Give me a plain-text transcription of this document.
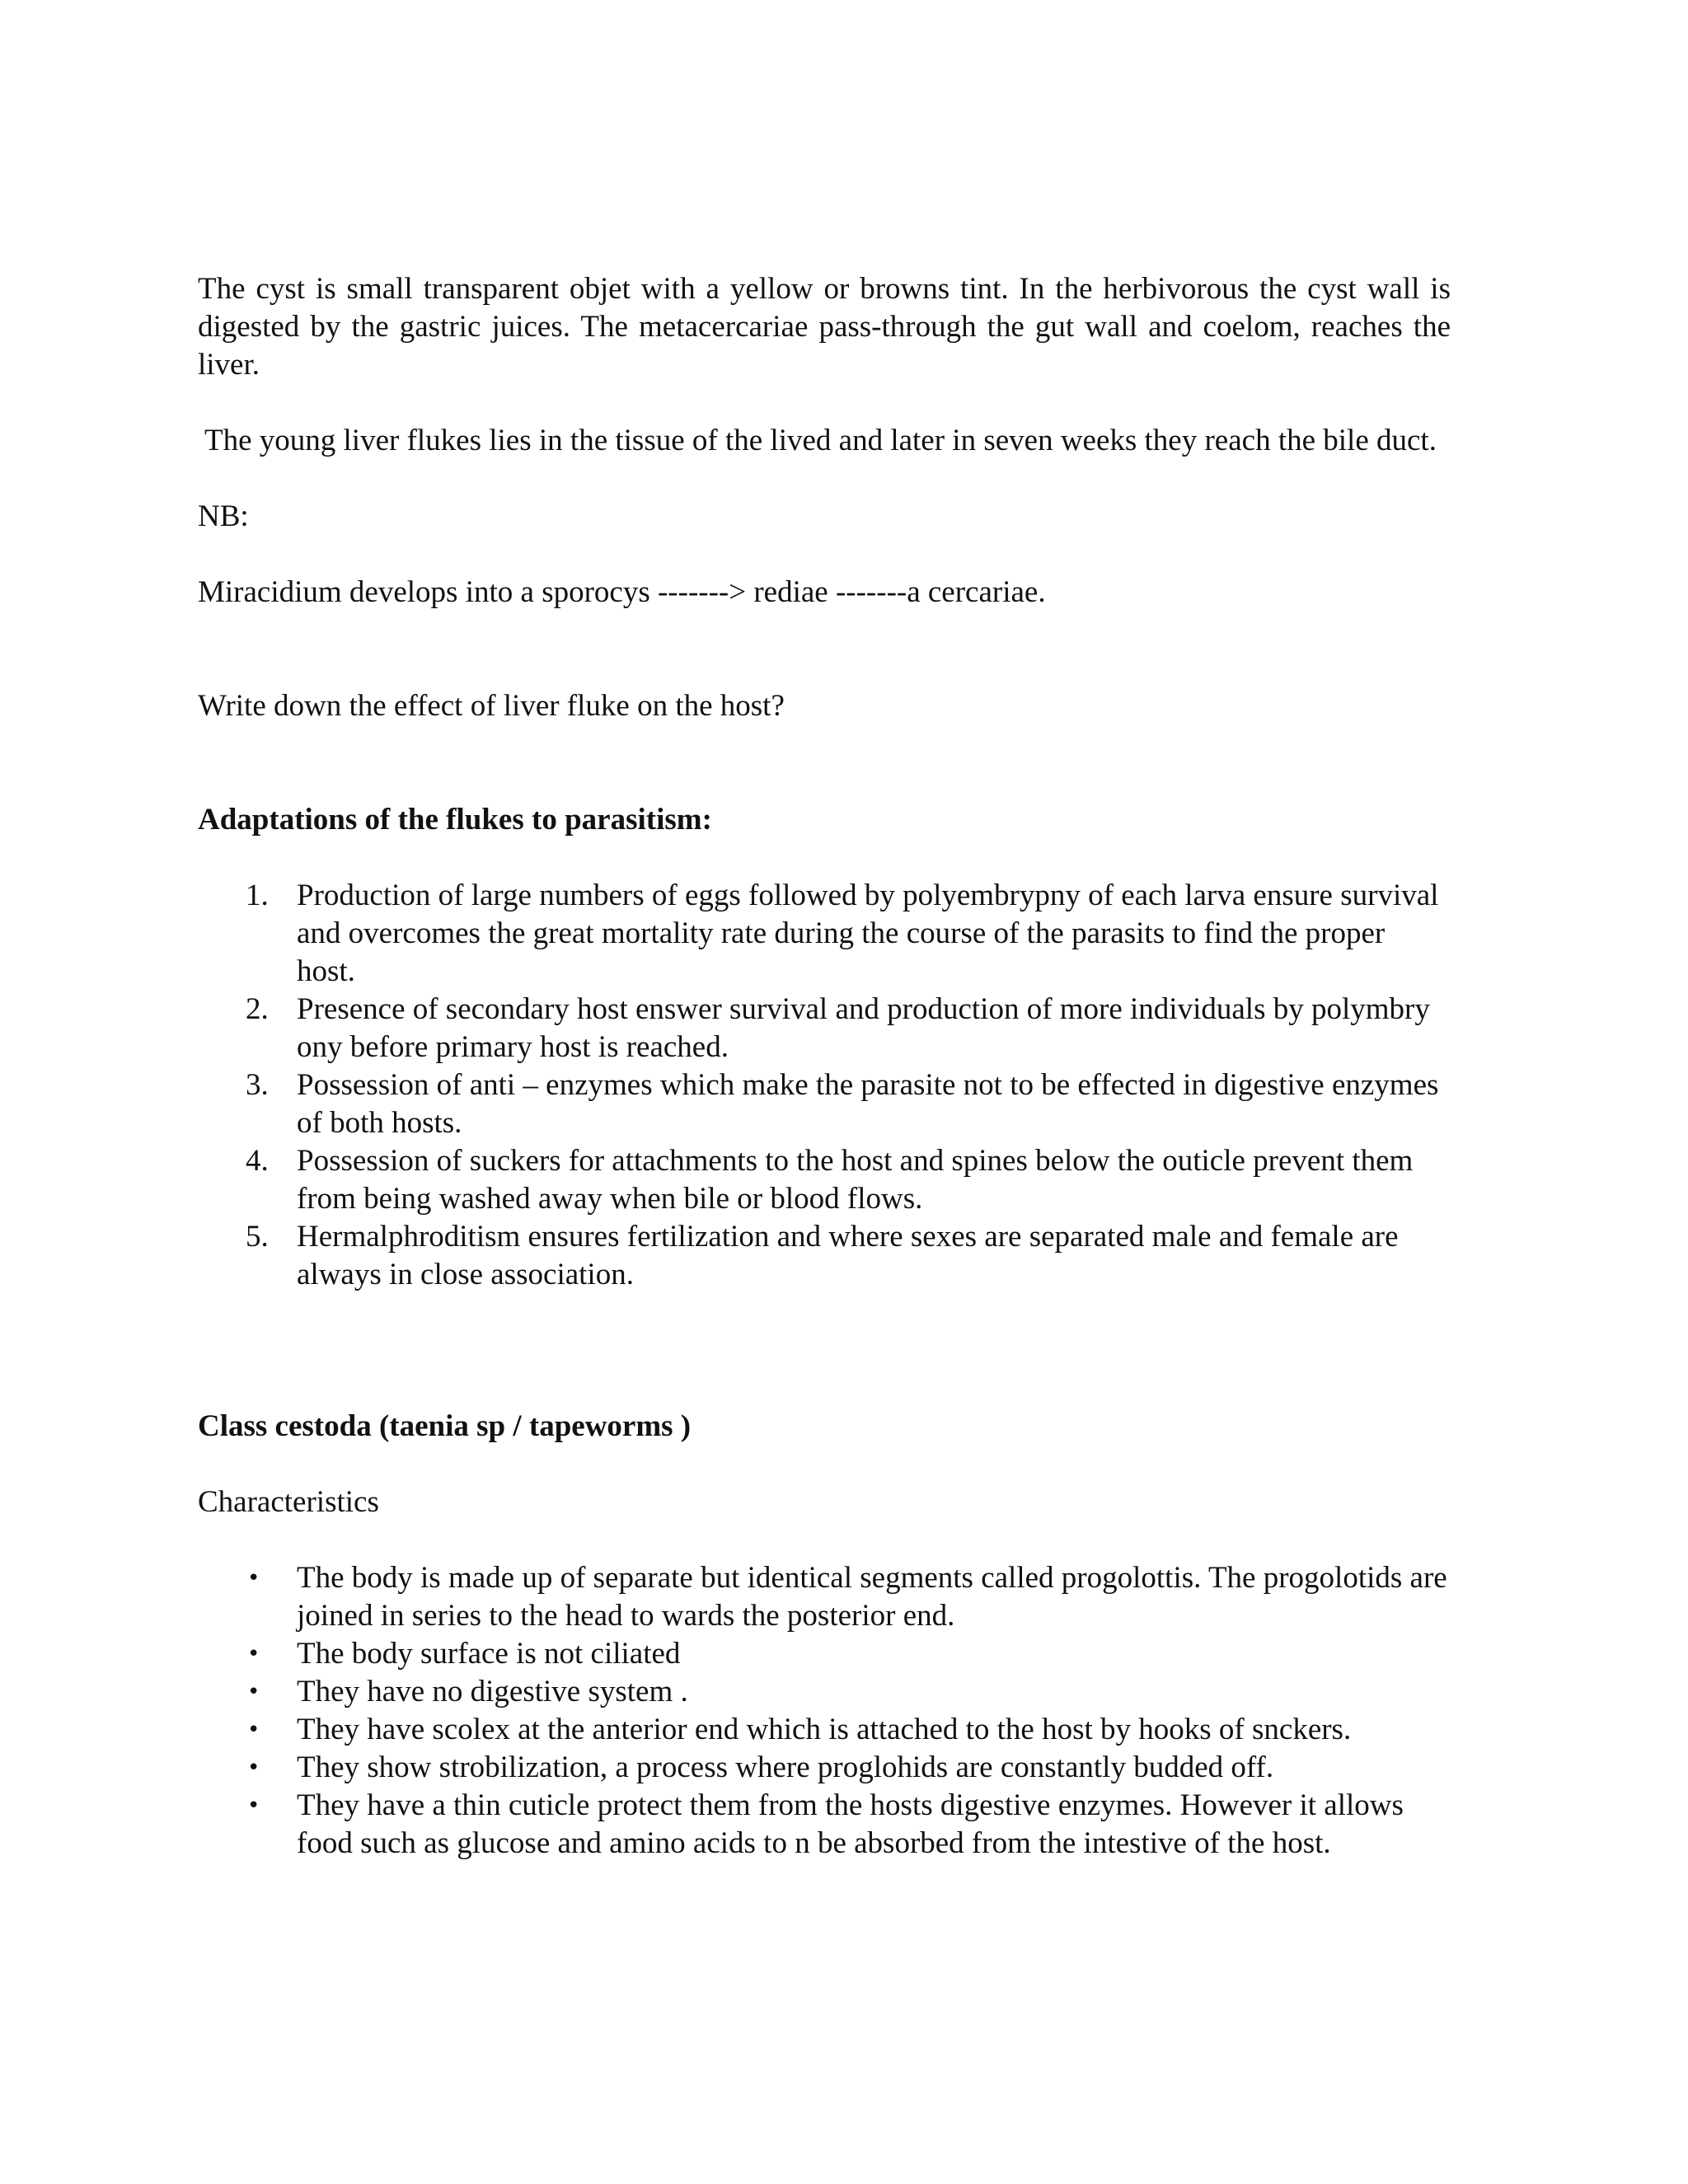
The cyst is small transparent objet with a yellow or browns tint. In the herbivorous the cyst wall is digested by the gastric juices. The metacercariae pass-through the gut wall and coelom, reaches the liver.

The young liver flukes lies in the tissue of the lived and later in seven weeks they reach the bile duct.

NB:

Miracidium develops into a sporocys -------> rediae -------a cercariae.

Write down the effect of liver fluke on the host?

Adaptations of the flukes to parasitism:

1. Production of large numbers of eggs followed by polyembrypny of each larva ensure survival and overcomes the great mortality rate during the course of the parasits to find the proper host.
2. Presence of secondary host enswer survival and production of more individuals by polymbry ony before primary host is reached.
3. Possession of anti – enzymes which make the parasite not to be effected in digestive enzymes of both hosts.
4. Possession of suckers for attachments to the host and spines below the outicle prevent them from being washed away when bile or blood flows.
5. Hermalphroditism ensures fertilization and where sexes are separated male and female are always in close association.

Class cestoda (taenia sp / tapeworms )

Characteristics

• The body is made up of separate but identical segments called progolottis. The progolotids are joined in series to the head to wards the posterior end.
• The body surface is not ciliated
• They have no digestive system .
• They have scolex at the anterior end which is attached to the host by hooks of snckers.
• They show strobilization, a process where proglohids are constantly budded off.
• They have a thin cuticle protect them from the hosts digestive enzymes. However it allows food such as glucose and amino acids to n be absorbed from the intestive of the host.
